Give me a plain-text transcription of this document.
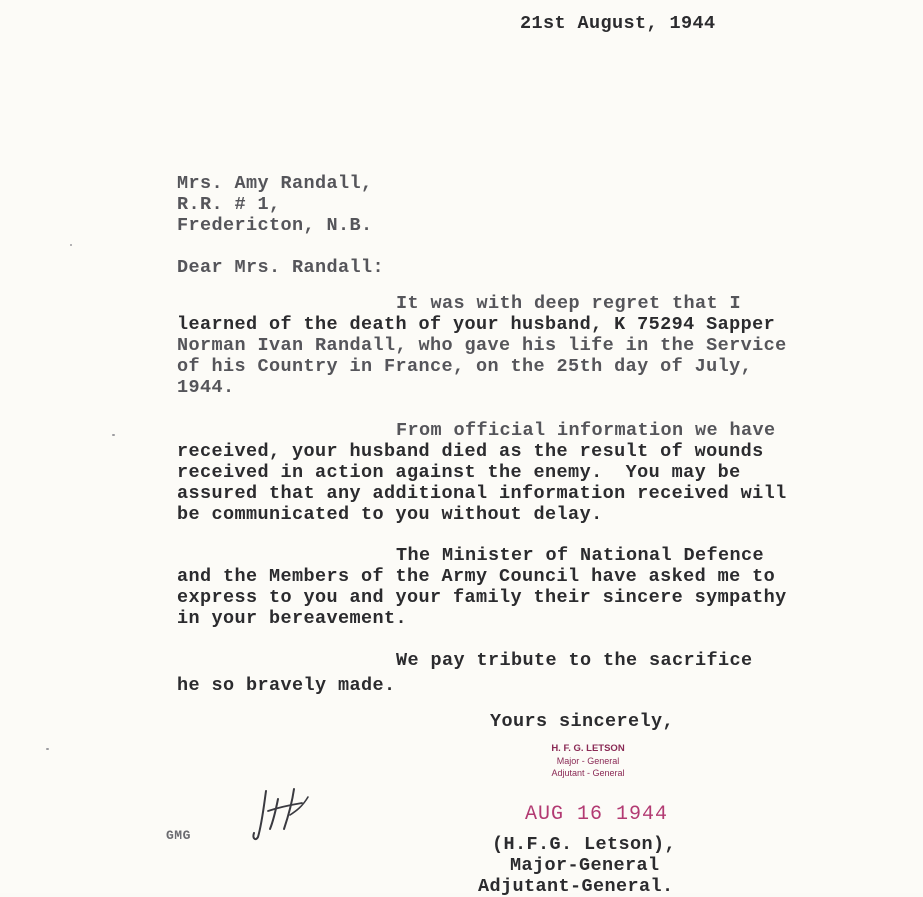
21st August, 1944
Mrs. Amy Randall,
R.R. # 1,
Fredericton, N.B.
Dear Mrs. Randall:
It was with deep regret that I
learned of the death of your husband, K 75294 Sapper
Norman Ivan Randall, who gave his life in the Service
of his Country in France, on the 25th day of July,
1944.
From official information we have
received, your husband died as the result of wounds
received in action against the enemy.  You may be
assured that any additional information received will
be communicated to you without delay.
The Minister of National Defence
and the Members of the Army Council have asked me to
express to you and your family their sincere sympathy
in your bereavement.
We pay tribute to the sacrifice
he so bravely made.
Yours sincerely,
H. F. G. LETSON
Major - General
Adjutant - General
AUG 16 1944
GMG	(H.F.G. Letson),
Major-General
Adjutant-General.
